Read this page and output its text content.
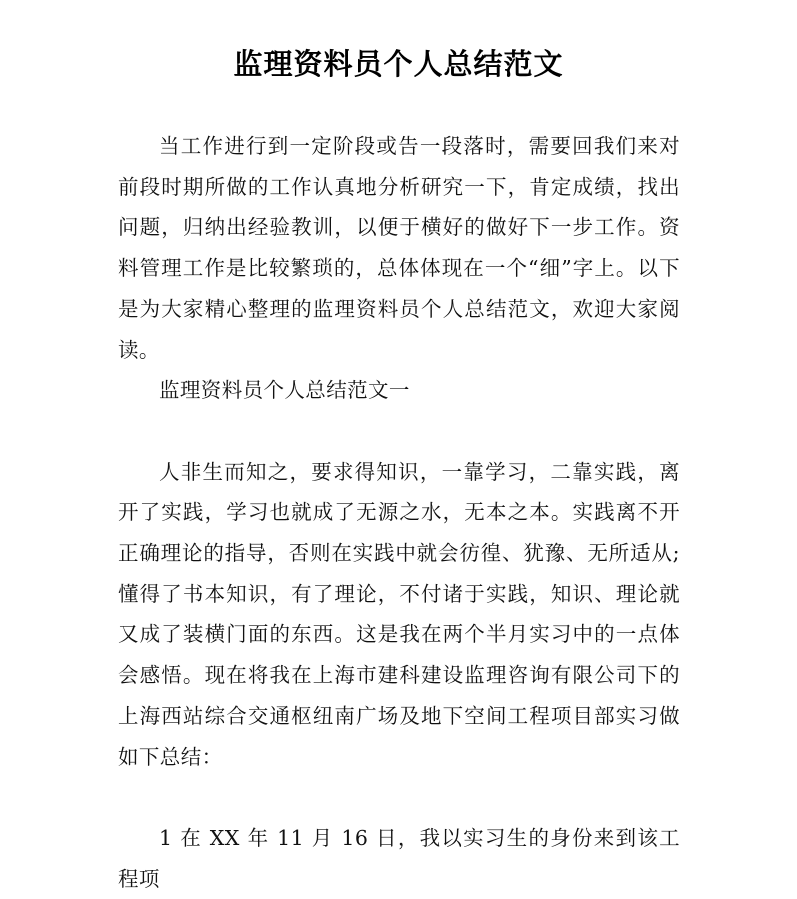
监理资料员个人总结范文

当工作进行到一定阶段或告一段落时，需要回我们来对前段时期所做的工作认真地分析研究一下，肯定成绩，找出问题，归纳出经验教训，以便于横好的做好下一步工作。资料管理工作是比较繁琐的，总体体现在一个“细”字上。以下是为大家精心整理的监理资料员个人总结范文，欢迎大家阅读。

监理资料员个人总结范文一

人非生而知之，要求得知识，一靠学习，二靠实践，离开了实践，学习也就成了无源之水，无本之本。实践离不开正确理论的指导，否则在实践中就会彷徨、犹豫、无所适从;懂得了书本知识，有了理论，不付诸于实践，知识、理论就又成了装横门面的东西。这是我在两个半月实习中的一点体会感悟。现在将我在上海市建科建设监理咨询有限公司下的上海西站综合交通枢纽南广场及地下空间工程项目部实习做如下总结：

1 在 XX 年 11 月 16 日，我以实习生的身份来到该工程项
